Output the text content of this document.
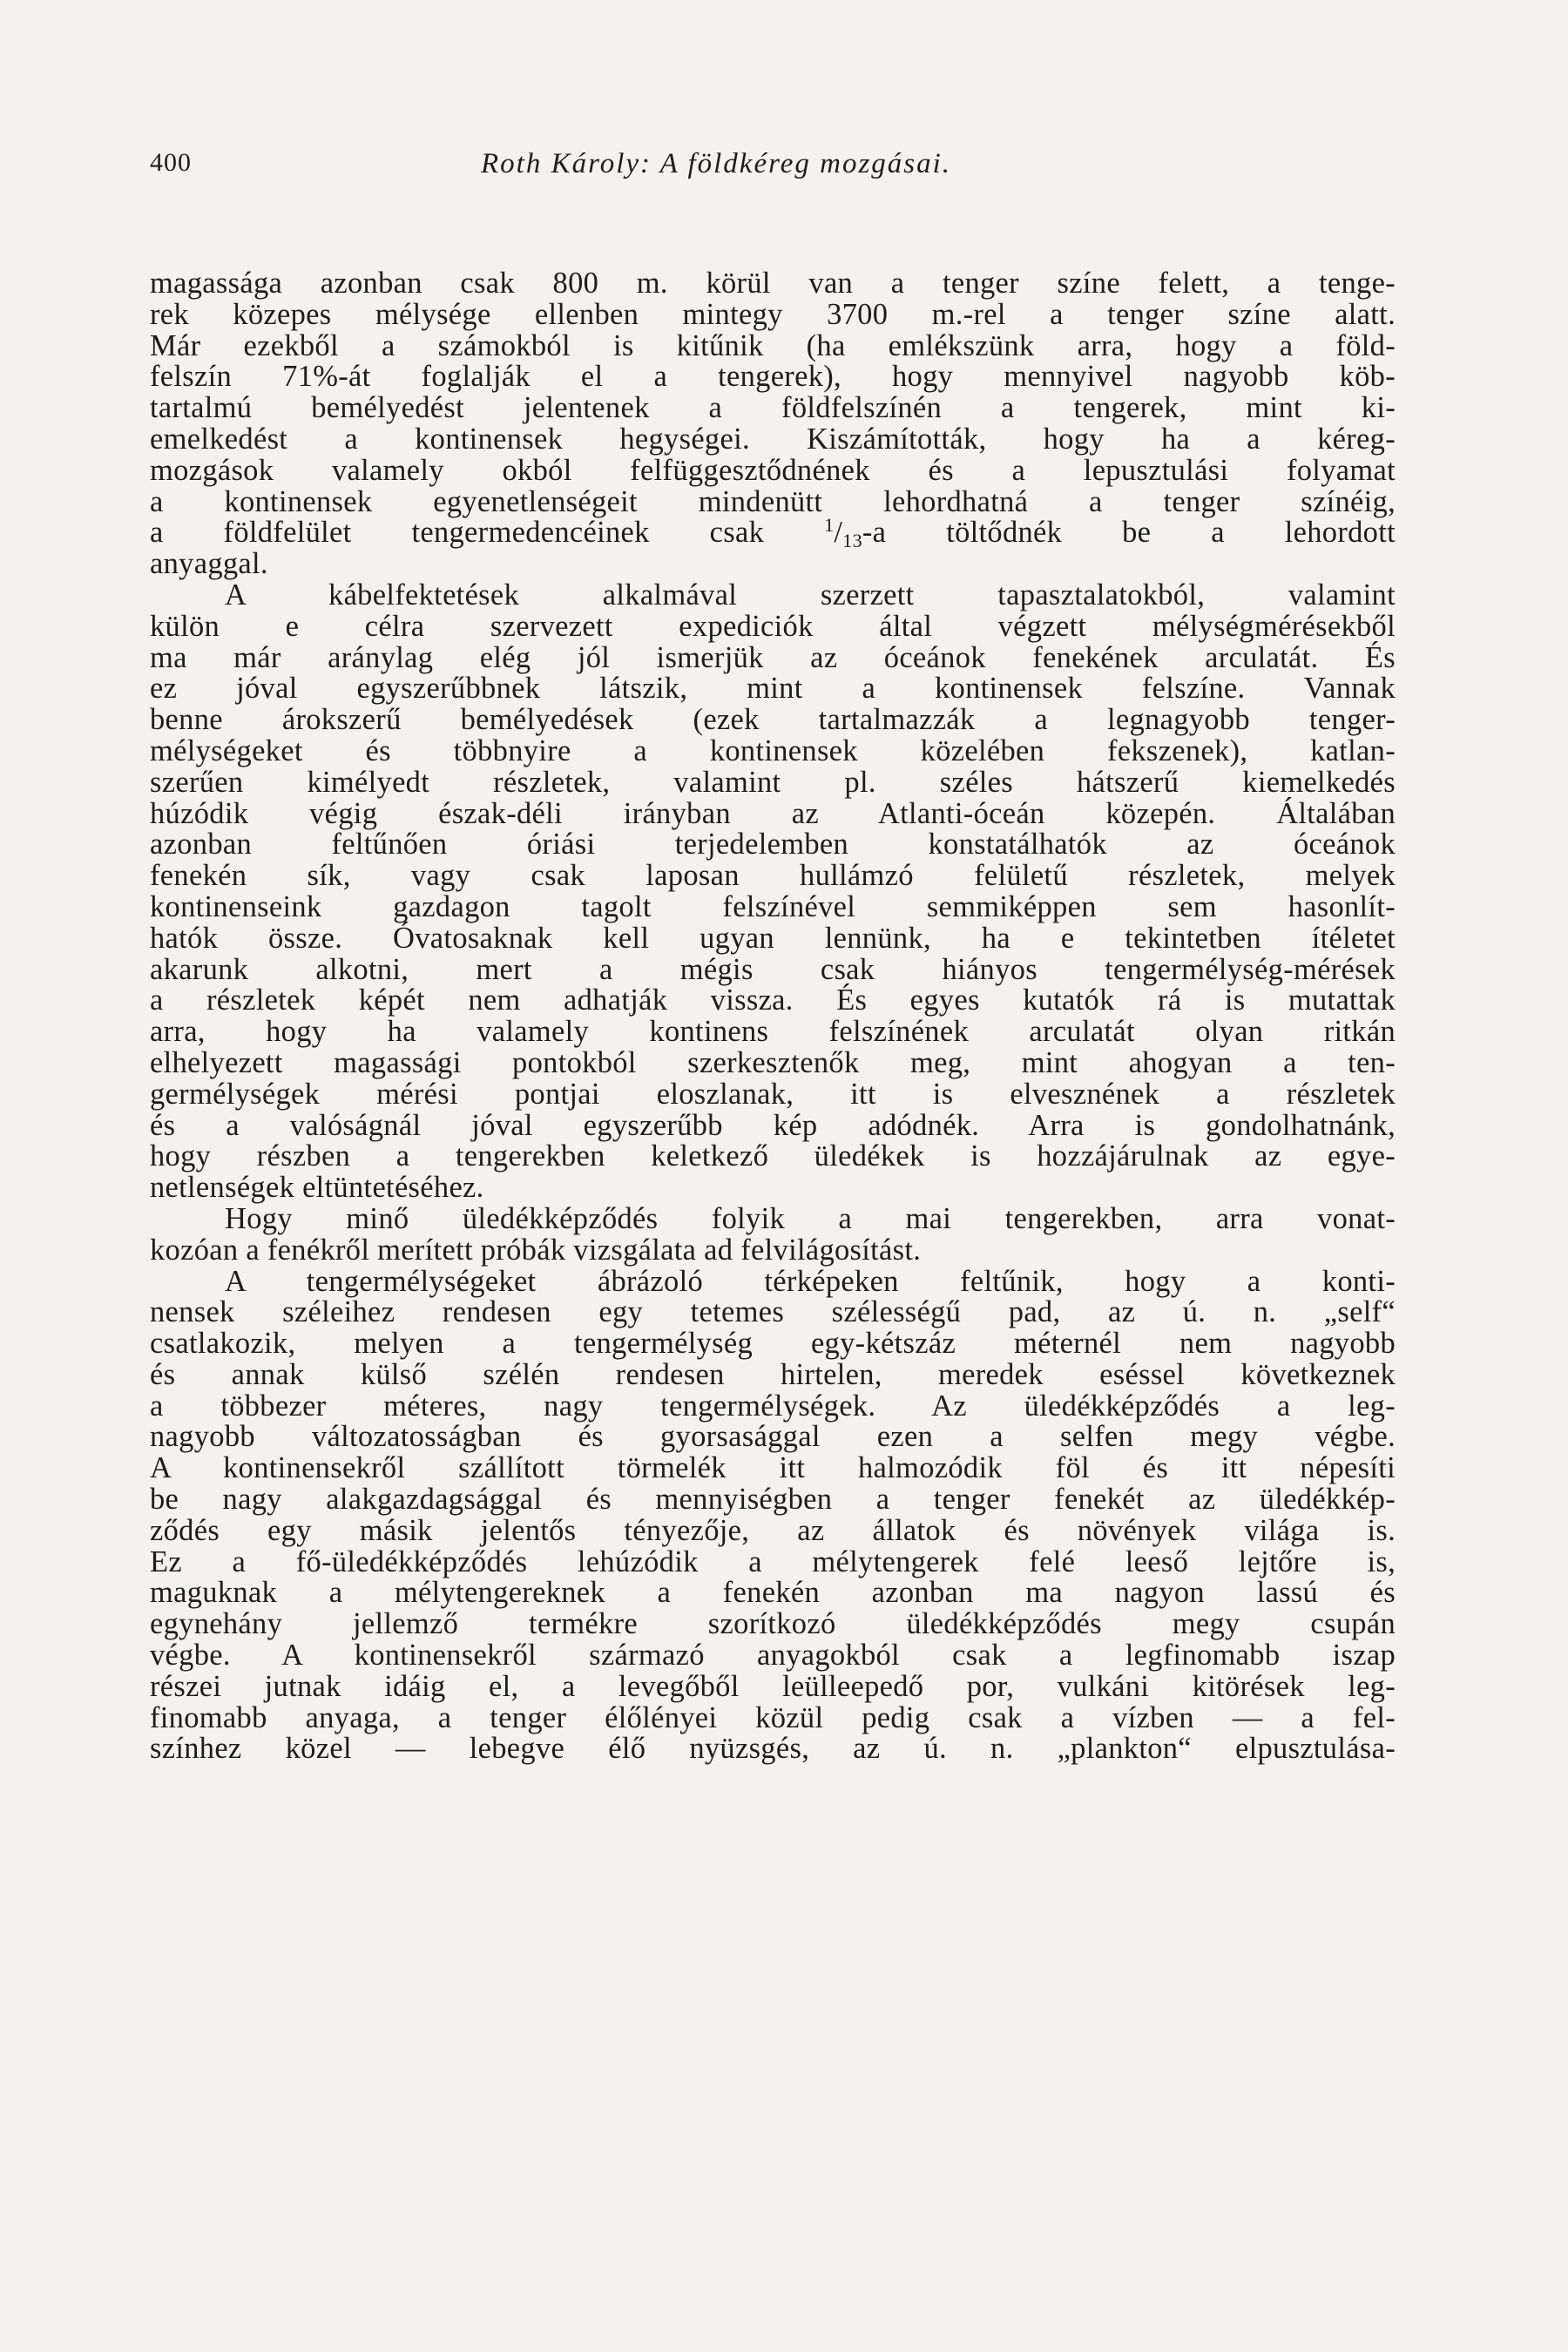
400	Roth Károly: A földkéreg mozgásai.
magassága azonban csak 800 m. körül van a tenger színe felett, a tenge-
rek közepes mélysége ellenben mintegy 3700 m.-rel a tenger színe alatt.
Már ezekből a számokból is kitűnik (ha emlékszünk arra, hogy a föld-
felszín 71%-át foglalják el a tengerek), hogy mennyivel nagyobb köb-
tartalmú bemélyedést jelentenek a földfelszínén a tengerek, mint ki-
emelkedést a kontinensek hegységei. Kiszámították, hogy ha a kéreg-
mozgások valamely okból felfüggesztődnének és a lepusztulási folyamat
a kontinensek egyenetlenségeit mindenütt lehordhatná a tenger színéig,
a földfelület tengermedencéinek csak $^1$/13-a töltődnék be a lehordott
anyaggal.
A kábelfektetések alkalmával szerzett tapasztalatokból, valamint
külön e célra szervezett expediciók által végzett mélységmérésekből
ma már aránylag elég jól ismerjük az óceánok fenekének arculatát. És
ez jóval egyszerűbbnek látszik, mint a kontinensek felszíne. Vannak
benne árokszerű bemélyedések (ezek tartalmazzák a legnagyobb tenger-
mélységeket és többnyire a kontinensek közelében fekszenek), katlan-
szerűen kimélyedt részletek, valamint pl. széles hátszerű kiemelkedés
húzódik végig észak-déli irányban az Atlanti-óceán közepén. Általában
azonban feltűnően óriási terjedelemben konstatálhatók az óceánok
fenekén sík, vagy csak laposan hullámzó felületű részletek, melyek
kontinenseink gazdagon tagolt felszínével semmiképpen sem hasonlít-
hatók össze. Óvatosaknak kell ugyan lennünk, ha e tekintetben ítéletet
akarunk alkotni, mert a mégis csak hiányos tengermélység-mérések
a részletek képét nem adhatják vissza. És egyes kutatók rá is mutattak
arra, hogy ha valamely kontinens felszínének arculatát olyan ritkán
elhelyezett magassági pontokból szerkesztenők meg, mint ahogyan a ten-
germélységek mérési pontjai eloszlanak, itt is elvesznének a részletek
és a valóságnál jóval egyszerűbb kép adódnék. Arra is gondolhatnánk,
hogy részben a tengerekben keletkező üledékek is hozzájárulnak az egye-
netlenségek eltüntetéséhez.
Hogy minő üledékképződés folyik a mai tengerekben, arra vonat-
kozóan a fenékről merített próbák vizsgálata ad felvilágosítást.
A tengermélységeket ábrázoló térképeken feltűnik, hogy a konti-
nensek széleihez rendesen egy tetemes szélességű pad, az ú. n. „self“
csatlakozik, melyen a tengermélység egy-kétszáz méternél nem nagyobb
és annak külső szélén rendesen hirtelen, meredek eséssel következnek
a többezer méteres, nagy tengermélységek. Az üledékképződés a leg-
nagyobb változatosságban és gyorsasággal ezen a selfen megy végbe.
A kontinensekről szállított törmelék itt halmozódik föl és itt népesíti
be nagy alakgazdagsággal és mennyiségben a tenger fenekét az üledékkép-
ződés egy másik jelentős tényezője, az állatok és növények világa is.
Ez a fő-üledékképződés lehúzódik a mélytengerek felé leeső lejtőre is,
maguknak a mélytengereknek a fenekén azonban ma nagyon lassú és
egynehány jellemző termékre szorítkozó üledékképződés megy csupán
végbe. A kontinensekről származó anyagokból csak a legfinomabb iszap
részei jutnak idáig el, a levegőből leülleepedő por, vulkáni kitörések leg-
finomabb anyaga, a tenger élőlényei közül pedig csak a vízben — a fel-
színhez közel — lebegve élő nyüzsgés, az ú. n. „plankton“ elpusztulása-
